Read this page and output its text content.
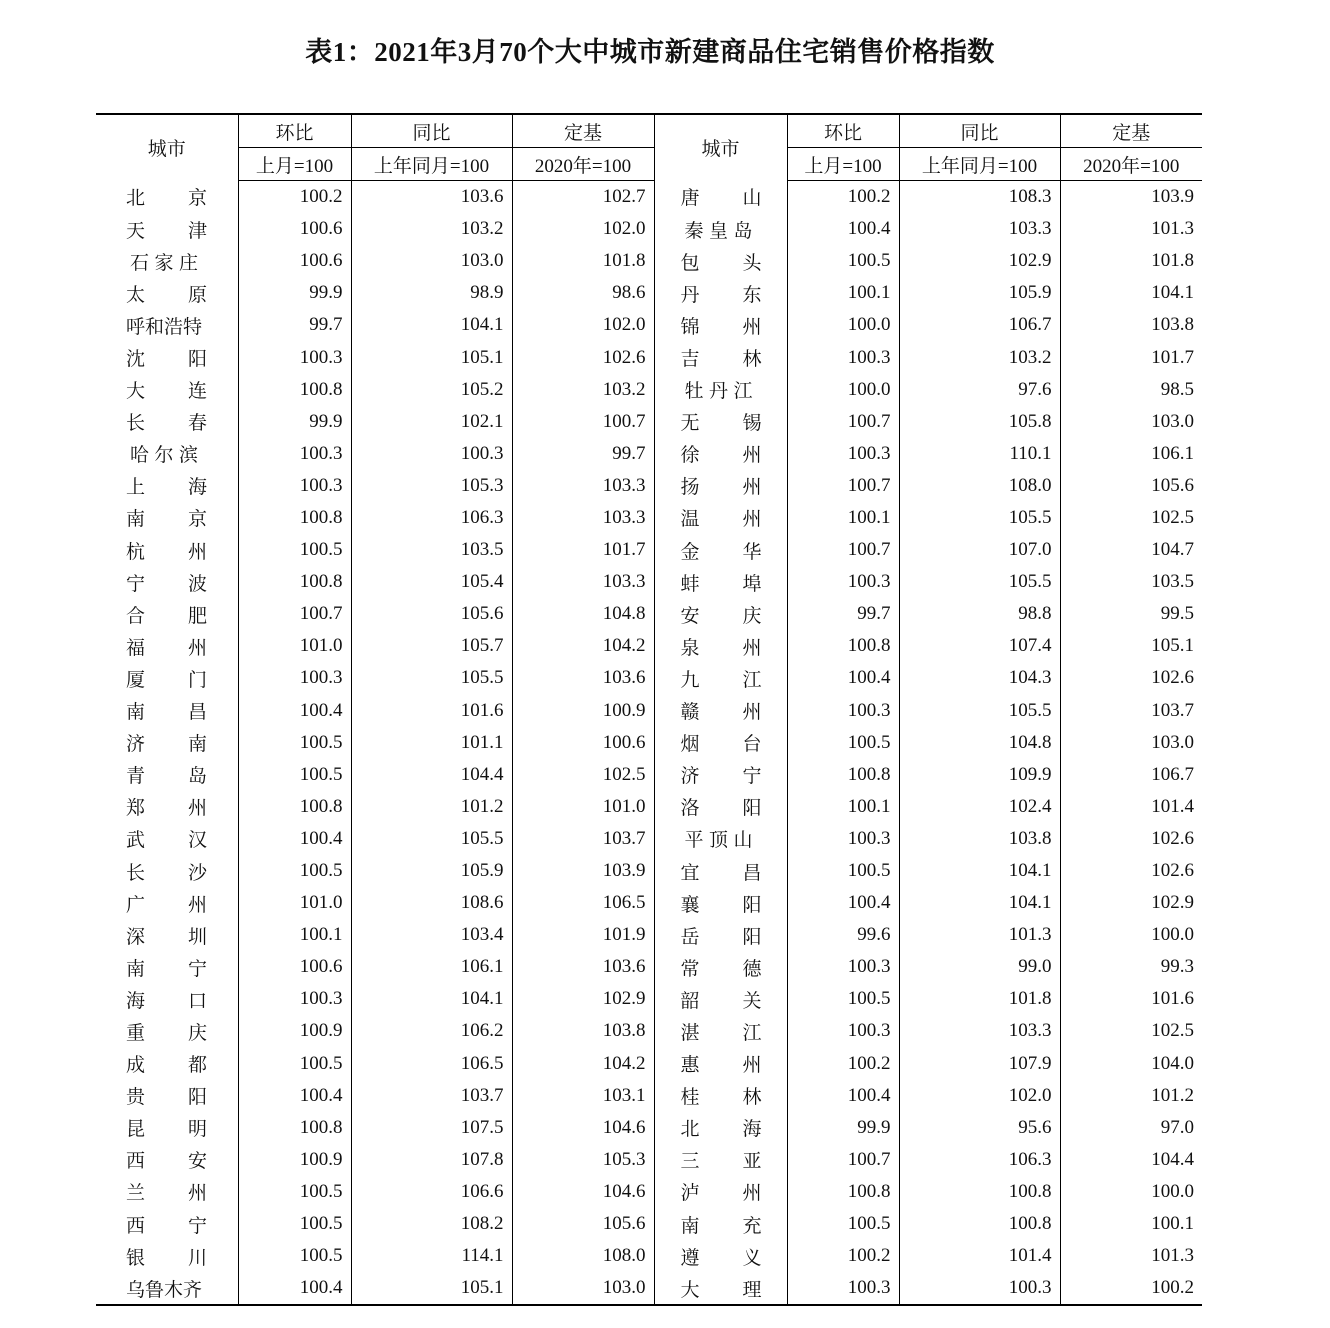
表1：2021年3月70个大中城市新建商品住宅销售价格指数
城市	环比	同比	定基	城市	环比	同比	定基
	上月=100	上年同月=100	2020年=100		上月=100	上年同月=100	2020年=100

北 京	100.2	103.6	102.7	唐 山	100.2	108.3	103.9

天 津	100.6	103.2	102.0	秦 皇 岛	100.4	103.3	101.3

石 家 庄	100.6	103.0	101.8	包 头	100.5	102.9	101.8

太 原	99.9	98.9	98.6	丹 东	100.1	105.9	104.1
呼和浩特	99.7	104.1	102.0	锦 州	100.0	106.7	103.8

沈 阳	100.3	105.1	102.6	吉 林	100.3	103.2	101.7

大 连	100.8	105.2	103.2	牡 丹 江	100.0	97.6	98.5

长 春	99.9	102.1	100.7	无 锡	100.7	105.8	103.0

哈 尔 滨	100.3	100.3	99.7	徐 州	100.3	110.1	106.1

上 海	100.3	105.3	103.3	扬 州	100.7	108.0	105.6

南 京	100.8	106.3	103.3	温 州	100.1	105.5	102.5

杭 州	100.5	103.5	101.7	金 华	100.7	107.0	104.7

宁 波	100.8	105.4	103.3	蚌 埠	100.3	105.5	103.5

合 肥	100.7	105.6	104.8	安 庆	99.7	98.8	99.5

福 州	101.0	105.7	104.2	泉 州	100.8	107.4	105.1

厦 门	100.3	105.5	103.6	九 江	100.4	104.3	102.6

南 昌	100.4	101.6	100.9	赣 州	100.3	105.5	103.7

济 南	100.5	101.1	100.6	烟 台	100.5	104.8	103.0

青 岛	100.5	104.4	102.5	济 宁	100.8	109.9	106.7

郑 州	100.8	101.2	101.0	洛 阳	100.1	102.4	101.4

武 汉	100.4	105.5	103.7	平 顶 山	100.3	103.8	102.6

长 沙	100.5	105.9	103.9	宜 昌	100.5	104.1	102.6

广 州	101.0	108.6	106.5	襄 阳	100.4	104.1	102.9

深 圳	100.1	103.4	101.9	岳 阳	99.6	101.3	100.0

南 宁	100.6	106.1	103.6	常 德	100.3	99.0	99.3

海 口	100.3	104.1	102.9	韶 关	100.5	101.8	101.6

重 庆	100.9	106.2	103.8	湛 江	100.3	103.3	102.5

成 都	100.5	106.5	104.2	惠 州	100.2	107.9	104.0

贵 阳	100.4	103.7	103.1	桂 林	100.4	102.0	101.2

昆 明	100.8	107.5	104.6	北 海	99.9	95.6	97.0

西 安	100.9	107.8	105.3	三 亚	100.7	106.3	104.4

兰 州	100.5	106.6	104.6	泸 州	100.8	100.8	100.0

西 宁	100.5	108.2	105.6	南 充	100.5	100.8	100.1

银 川	100.5	114.1	108.0	遵 义	100.2	101.4	101.3
乌鲁木齐	100.4	105.1	103.0	大 理	100.3	100.3	100.2
